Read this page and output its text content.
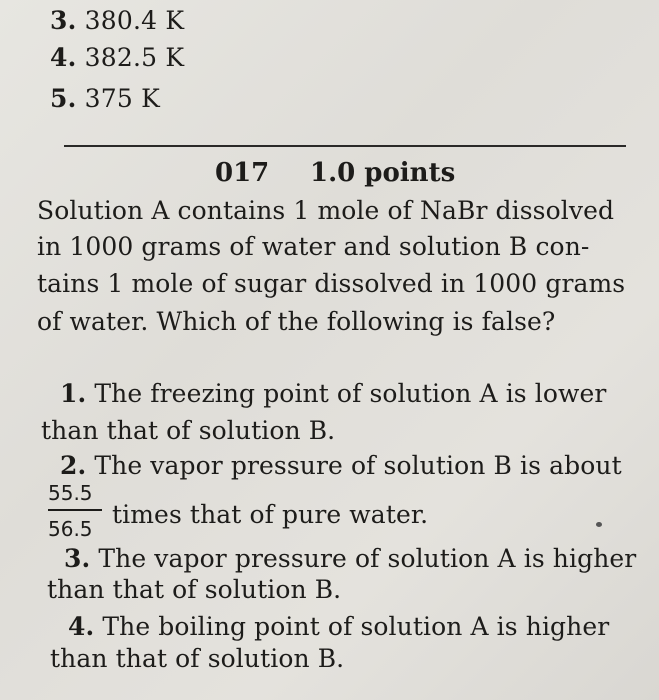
3. 380.4 K
4. 382.5 K
5. 375 K
017 1.0 points
Solution A contains 1 mole of NaBr dissolved
in 1000 grams of water and solution B con-
tains 1 mole of sugar dissolved in 1000 grams
of water. Which of the following is false?
1. The freezing point of solution A is lower
than that of solution B.
2. The vapor pressure of solution B is about
55.5
56.5 times that of pure water.
3. The vapor pressure of solution A is higher
than that of solution B.
4. The boiling point of solution A is higher
than that of solution B.
